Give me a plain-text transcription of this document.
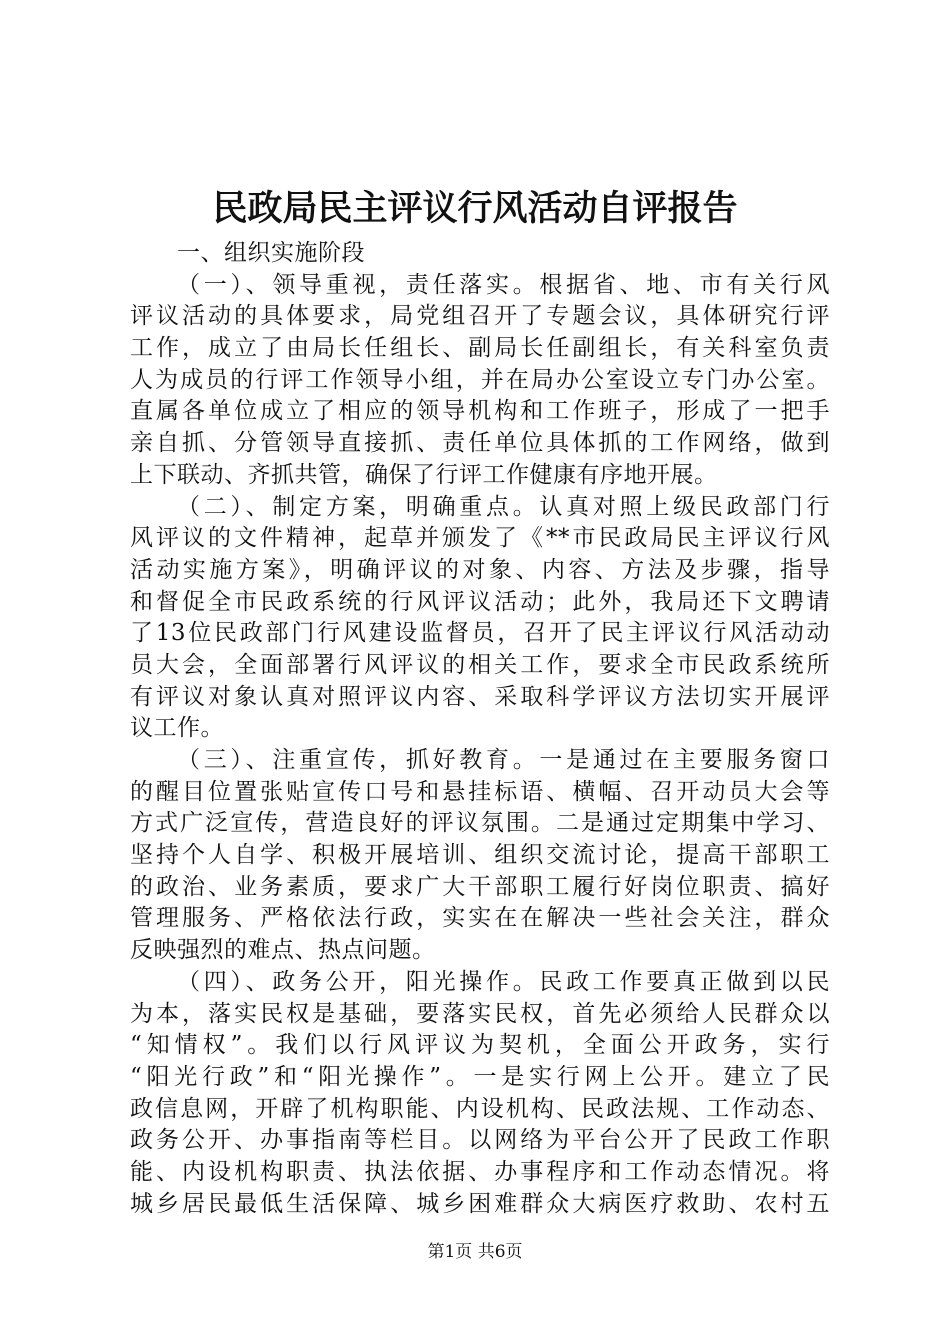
民政局民主评议行风活动自评报告
一、组织实施阶段
（一）、领导重视，责任落实。根据省、地、市有关行风
评议活动的具体要求，局党组召开了专题会议，具体研究行评
工作，成立了由局长任组长、副局长任副组长，有关科室负责
人为成员的行评工作领导小组，并在局办公室设立专门办公室。
直属各单位成立了相应的领导机构和工作班子，形成了一把手
亲自抓、分管领导直接抓、责任单位具体抓的工作网络，做到
上下联动、齐抓共管，确保了行评工作健康有序地开展。
（二）、制定方案，明确重点。认真对照上级民政部门行
风评议的文件精神，起草并颁发了《**市民政局民主评议行风
活动实施方案》，明确评议的对象、内容、方法及步骤，指导
和督促全市民政系统的行风评议活动；此外，我局还下文聘请
了13位民政部门行风建设监督员，召开了民主评议行风活动动
员大会，全面部署行风评议的相关工作，要求全市民政系统所
有评议对象认真对照评议内容、采取科学评议方法切实开展评
议工作。
（三）、注重宣传，抓好教育。一是通过在主要服务窗口
的醒目位置张贴宣传口号和悬挂标语、横幅、召开动员大会等
方式广泛宣传，营造良好的评议氛围。二是通过定期集中学习、
坚持个人自学、积极开展培训、组织交流讨论，提高干部职工
的政治、业务素质，要求广大干部职工履行好岗位职责、搞好
管理服务、严格依法行政，实实在在解决一些社会关注，群众
反映强烈的难点、热点问题。
（四）、政务公开，阳光操作。民政工作要真正做到以民
为本，落实民权是基础，要落实民权，首先必须给人民群众以
“知情权”。我们以行风评议为契机，全面公开政务，实行
“阳光行政”和“阳光操作”。一是实行网上公开。建立了民
政信息网，开辟了机构职能、内设机构、民政法规、工作动态、
政务公开、办事指南等栏目。以网络为平台公开了民政工作职
能、内设机构职责、执法依据、办事程序和工作动态情况。将
城乡居民最低生活保障、城乡困难群众大病医疗救助、农村五
第1页 共6页
